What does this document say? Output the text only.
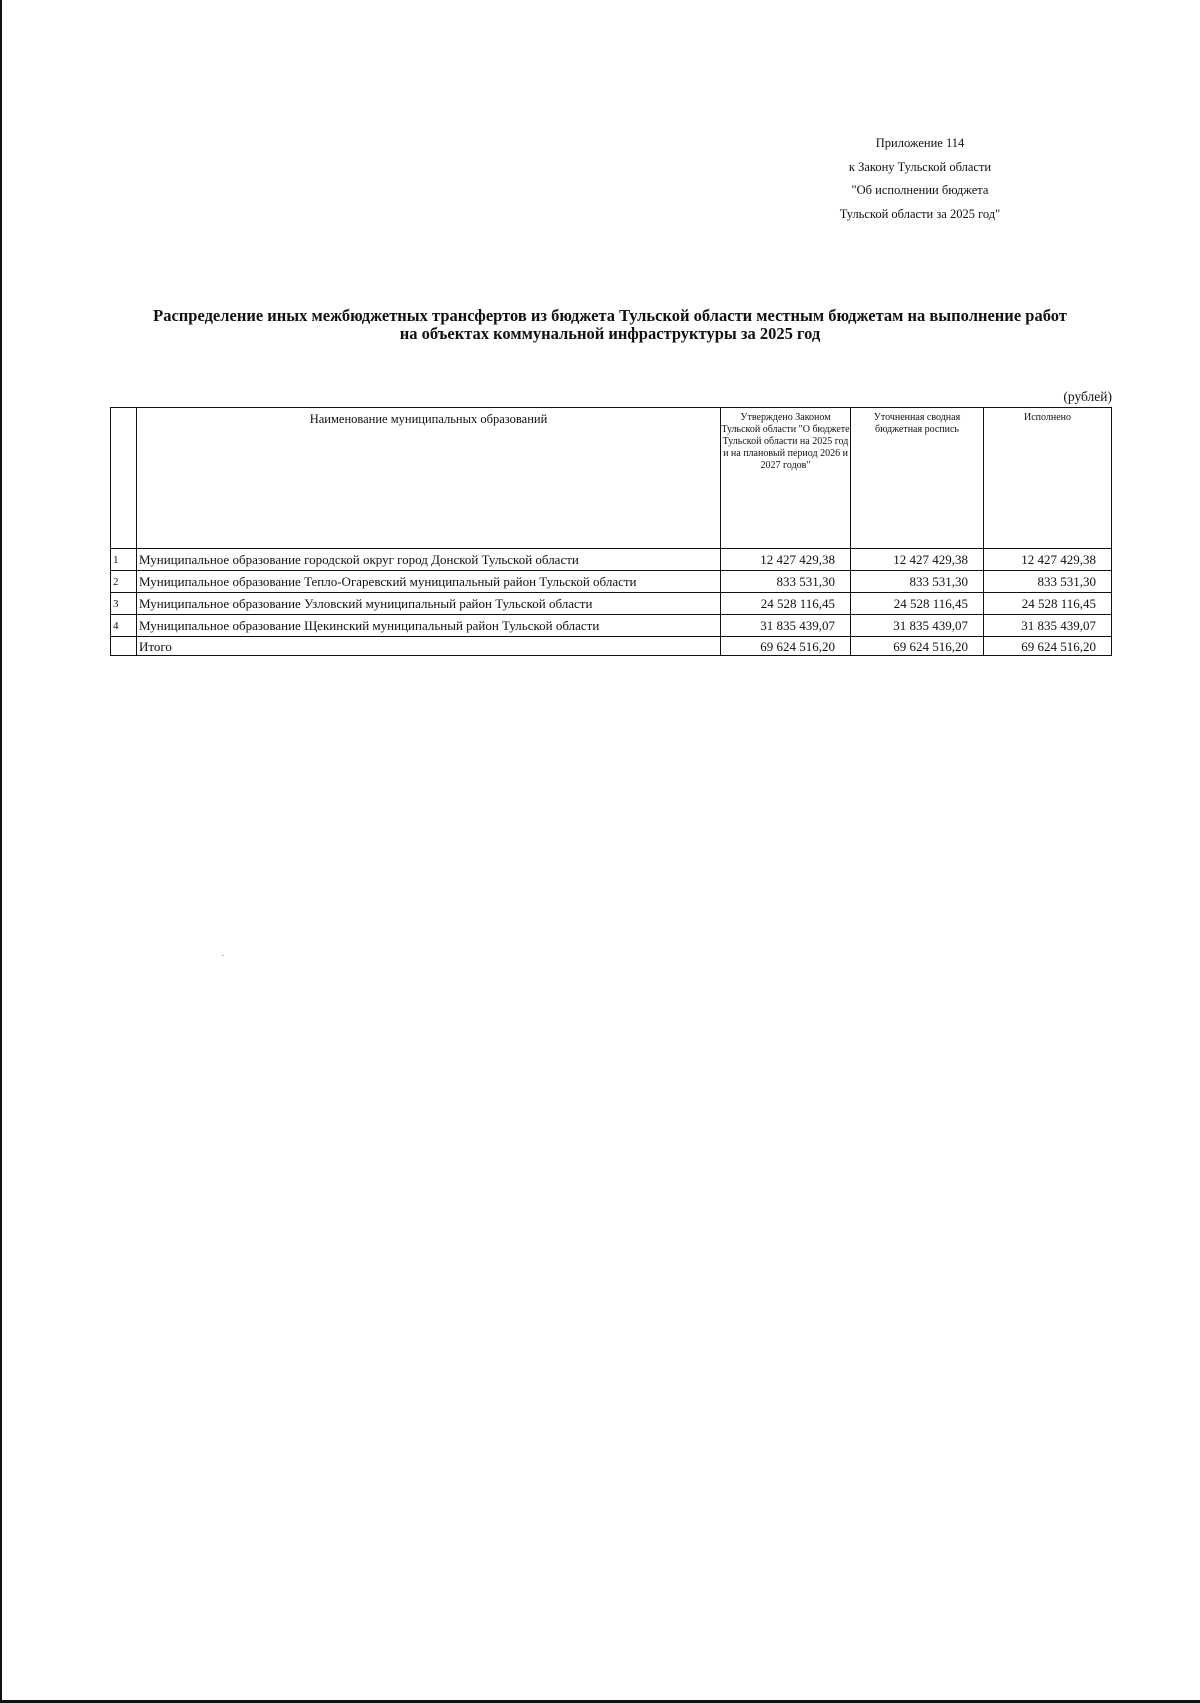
Приложение 114
к Закону Тульской области
"Об исполнении бюджета
Тульской области за 2025 год"
Распределение иных межбюджетных трансфертов из бюджета Тульской области местным бюджетам на выполнение работ
на объектах коммунальной инфраструктуры за 2025 год
(рублей)
	Наименование муниципальных образований	Утверждено Законом Тульской области "О бюджете Тульской области на 2025 год и на плановый период 2026 и 2027 годов"	Уточненная сводная бюджетная роспись	Исполнено
1	Муниципальное образование городской округ город Донской Тульской области	12 427 429,38	12 427 429,38	12 427 429,38
2	Муниципальное образование Тепло-Огаревский муниципальный район Тульской области	833 531,30	833 531,30	833 531,30
3	Муниципальное образование Узловский муниципальный район Тульской области	24 528 116,45	24 528 116,45	24 528 116,45
4	Муниципальное образование Щекинский муниципальный район Тульской области	31 835 439,07	31 835 439,07	31 835 439,07
	Итого	69 624 516,20	69 624 516,20	69 624 516,20
